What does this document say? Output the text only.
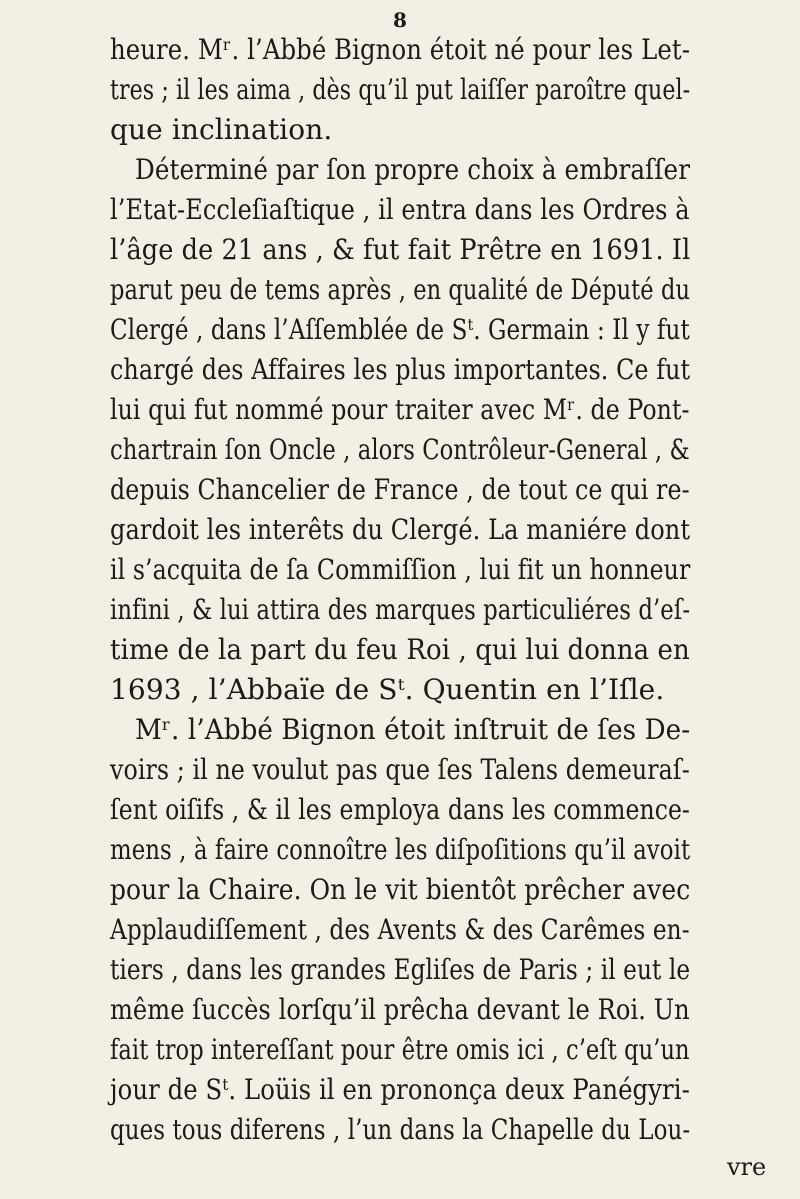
8
heure. Mʳ. l’Abbé Bignon étoit né pour les Let-
tres ; il les aima , dès qu’il put laiſſer paroître quel-
que inclination.
Déterminé par ſon propre choix à embraſſer
l’Etat-Eccleſiaſtique , il entra dans les Ordres à
l’âge de 21 ans , & fut fait Prêtre en 1691. Il
parut peu de tems après , en qualité de Député du
Clergé , dans l’Aſſemblée de Sᵗ. Germain : Il y fut
chargé des Affaires les plus importantes. Ce fut
lui qui fut nommé pour traiter avec Mʳ. de Pont-
chartrain ſon Oncle , alors Contrôleur-General , &
depuis Chancelier de France , de tout ce qui re-
gardoit les interêts du Clergé. La maniére dont
il s’acquita de ſa Commiſſion , lui fit un honneur
infini , & lui attira des marques particuliéres d’eſ-
time de la part du feu Roi , qui lui donna en
1693 , l’Abbaïe de Sᵗ. Quentin en l’Iſle.
Mʳ. l’Abbé Bignon étoit inſtruit de ſes De-
voirs ; il ne voulut pas que ſes Talens demeuraſ-
ſent oiſifs , & il les employa dans les commence-
mens , à faire connoître les diſpoſitions qu’il avoit
pour la Chaire. On le vit bientôt prêcher avec
Applaudiſſement , des Avents & des Carêmes en-
tiers , dans les grandes Egliſes de Paris ; il eut le
même ſuccès lorſqu’il prêcha devant le Roi. Un
fait trop intereſſant pour être omis ici , c’eſt qu’un
jour de Sᵗ. Loüis il en prononça deux Panégyri-
ques tous diferens , l’un dans la Chapelle du Lou-
vre
